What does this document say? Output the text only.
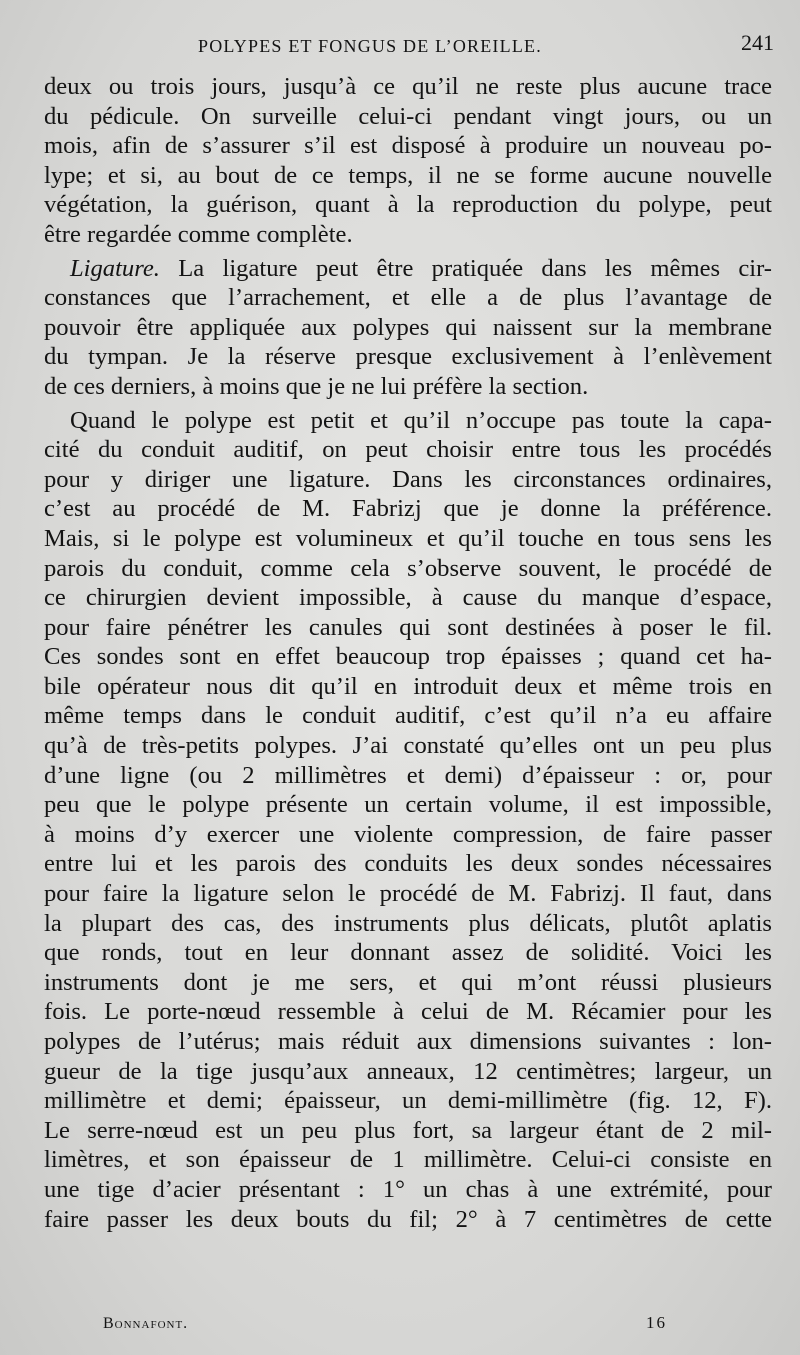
POLYPES ET FONGUS DE L’OREILLE.	241
deux ou trois jours, jusqu’à ce qu’il ne reste plus aucune trace
du pédicule. On surveille celui-ci pendant vingt jours, ou un
mois, afin de s’assurer s’il est disposé à produire un nouveau po-
lype; et si, au bout de ce temps, il ne se forme aucune nouvelle
végétation, la guérison, quant à la reproduction du polype, peut
être regardée comme complète.
Ligature. La ligature peut être pratiquée dans les mêmes cir-
constances que l’arrachement, et elle a de plus l’avantage de
pouvoir être appliquée aux polypes qui naissent sur la membrane
du tympan. Je la réserve presque exclusivement à l’enlèvement
de ces derniers, à moins que je ne lui préfère la section.
Quand le polype est petit et qu’il n’occupe pas toute la capa-
cité du conduit auditif, on peut choisir entre tous les procédés
pour y diriger une ligature. Dans les circonstances ordinaires,
c’est au procédé de M. Fabrizj que je donne la préférence.
Mais, si le polype est volumineux et qu’il touche en tous sens les
parois du conduit, comme cela s’observe souvent, le procédé de
ce chirurgien devient impossible, à cause du manque d’espace,
pour faire pénétrer les canules qui sont destinées à poser le fil.
Ces sondes sont en effet beaucoup trop épaisses ; quand cet ha-
bile opérateur nous dit qu’il en introduit deux et même trois en
même temps dans le conduit auditif, c’est qu’il n’a eu affaire
qu’à de très-petits polypes. J’ai constaté qu’elles ont un peu plus
d’une ligne (ou 2 millimètres et demi) d’épaisseur : or, pour
peu que le polype présente un certain volume, il est impossible,
à moins d’y exercer une violente compression, de faire passer
entre lui et les parois des conduits les deux sondes nécessaires
pour faire la ligature selon le procédé de M. Fabrizj. Il faut, dans
la plupart des cas, des instruments plus délicats, plutôt aplatis
que ronds, tout en leur donnant assez de solidité. Voici les
instruments dont je me sers, et qui m’ont réussi plusieurs
fois. Le porte-nœud ressemble à celui de M. Récamier pour les
polypes de l’utérus; mais réduit aux dimensions suivantes : lon-
gueur de la tige jusqu’aux anneaux, 12 centimètres; largeur, un
millimètre et demi; épaisseur, un demi-millimètre (fig. 12, F).
Le serre-nœud est un peu plus fort, sa largeur étant de 2 mil-
limètres, et son épaisseur de 1 millimètre. Celui-ci consiste en
une tige d’acier présentant : 1° un chas à une extrémité, pour
faire passer les deux bouts du fil; 2° à 7 centimètres de cette
Bonnafont.	16
